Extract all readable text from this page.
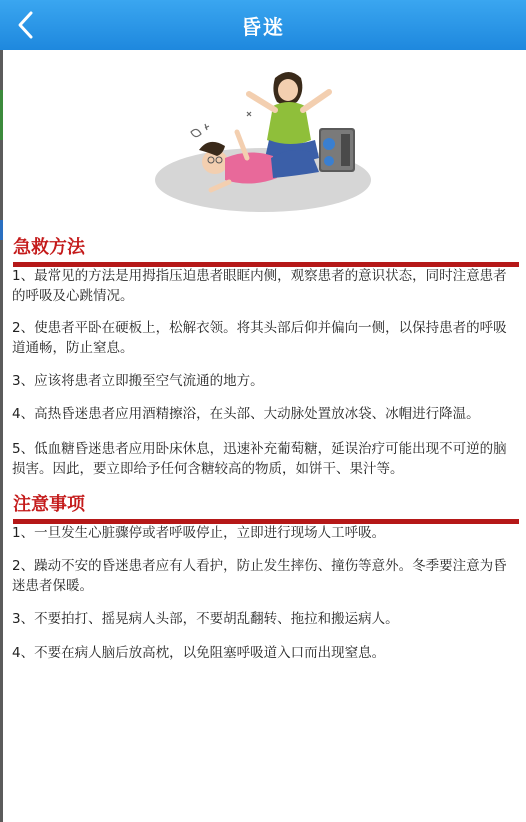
昏迷
急救方法
1、最常见的方法是用拇指压迫患者眼眶内侧，观察患者的意识状态，同时注意患者的呼吸及心跳情况。
2、使患者平卧在硬板上，松解衣领。将其头部后仰并偏向一侧，以保持患者的呼吸道通畅，防止窒息。
3、应该将患者立即搬至空气流通的地方。
4、高热昏迷患者应用酒精擦浴，在头部、大动脉处置放冰袋、冰帽进行降温。
5、低血糖昏迷患者应用卧床休息，迅速补充葡萄糖，延误治疗可能出现不可逆的脑损害。因此，要立即给予任何含糖较高的物质，如饼干、果汁等。
注意事项
1、一旦发生心脏骤停或者呼吸停止，立即进行现场人工呼吸。
2、躁动不安的昏迷患者应有人看护，防止发生摔伤、撞伤等意外。冬季要注意为昏迷患者保暖。
3、不要拍打、摇晃病人头部，不要胡乱翻转、拖拉和搬运病人。
4、不要在病人脑后放高枕，以免阻塞呼吸道入口而出现窒息。
